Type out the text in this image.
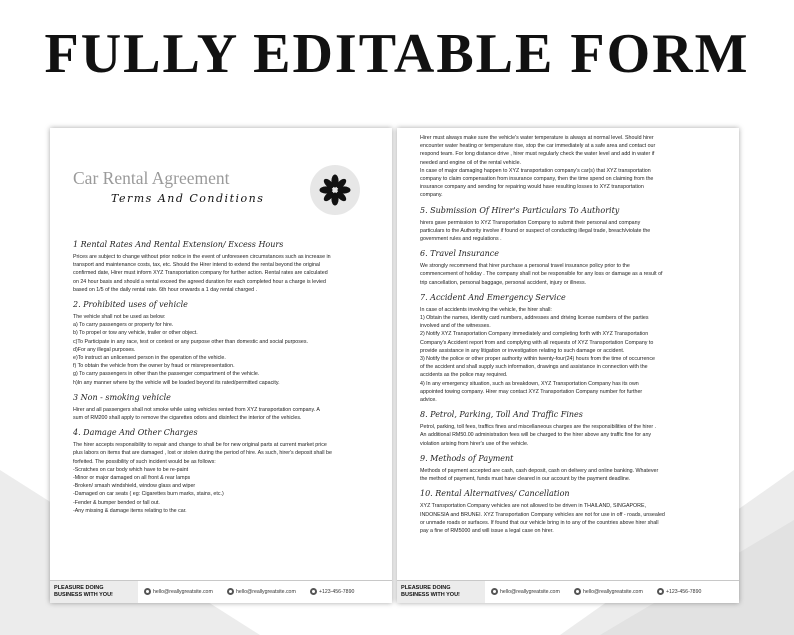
FULLY EDITABLE FORM

Car Rental Agreement

Terms And Conditions

1 Rental Rates And Rental Extension/ Excess Hours

Prices are subject to change without prior notice in the event of unforeseen circumstances such as increase in

transport and maintenance costs, tax, etc. Should the Hirer intend to extend the rental beyond the original

confirmed date, Hirer must inform XYZ Transportation company for further action. Rental rates are calculated

on 24 hour basis and should a rental exceed the agreed duration for each completed hour a charge is levied

based on 1/5 of the daily rental rate. 6th hour onwards a 1 day rental charged .

2. Prohibited uses of vehicle

The vehicle shall not be used as below:

a) To carry passengers or property for hire.

b) To propel or tow any vehicle, trailer or other object.

c)To Participate in any race, test or contest or any purpose other than domestic and social purposes.

d)For any illegal purposes.

e)To instruct an unlicensed person in the operation of the vehicle.

f) To obtain the vehicle from the owner by fraud or misrepresentation.

g) To carry passengers in other than the passenger compartment of the vehicle.

h)In any manner where by the vehicle will be loaded beyond its rated/permitted capacity.

3 Non - smoking vehicle

Hirer and all passengers shall not smoke while using vehicles rented from XYZ transportation company. A

sum of RM200 shall apply to remove the cigarettes odors and disinfect the interior of the vehicles.

4. Damage And Other Charges

The hirer accepts responsibility to repair and change to shall be for new original parts at current market price

plus labors on items that are damaged , lost or stolen during the period of hire. As such, hirer's deposit shall be

forfeited. The possibility of such incident would be as follows:

-Scratches on car body which have to be re-paint

-Minor or major damaged on all front & rear lamps

-Broken/ smash windshield, window glass and wiper

-Damaged on car seats ( eg: Cigarettes burn marks, stains, etc.)

-Fender & bumper bended or fall out.

-Any missing & damage items relating to the car.

PLEASURE DOING
BUSINESS WITH YOU!	hello@reallygreatsite.com	hello@reallygreatsite.com	+123-456-7890

Hirer must always make sure the vehicle's water temperature is always at normal level. Should hirer

encounter water heating or temperature rise, stop the car immediately at a safe area and contact our

respond team. For long distance drive , hirer must regularly check the water level and add in water if

needed and engine oil of the rental vehicle.

In case of major damaging happen to XYZ transportation company's car(s) that XYZ transportation

company to claim compensation from insurance company, then the time spend on claiming from the

insurance company and sending for repairing would have resulting losses to XYZ transportation

company.

5. Submission Of Hirer's Particulars To Authority

hirers gave permission to XYZ Transportation Company to submit their personal and company

particulars to the Authority involve if found or suspect of conducting illegal trade, breach/violate the

government rules and regulations .

6. Travel Insurance

We strongly recommend that hirer purchase a personal travel insurance policy prior to the

commencement of holiday . The company shall not be responsible for any loss or damage as a result of

trip cancellation, personal baggage, personal accident, injury or illness.

7. Accident And Emergency Service

In case of accidents involving the vehicle, the hirer shall:

1) Obtain the names, identity card numbers, addresses and driving license numbers of the parties

involved and of the witnesses.

2) Notify XYZ Transportation Company immediately and completing forth with XYZ Transportation

Company's Accident report from and complying with all requests of XYZ Transportation Company to

provide assistance in any litigation or investigation relating to such damage or accident.

3) Notify the police or other proper authority within twenty-four(24) hours from the time of occurrence

of the accident and shall supply such information, drawings and assistance in connection with the

accidents as the police may required.

4) In any emergency situation, such as breakdown, XYZ Transportation Company has its own

appointed towing company. Hirer may contact XYZ Transportation Company number for further

advice.

8. Petrol, Parking, Toll And Traffic Fines

Petrol, parking, toll fees, traffics fines and miscellaneous charges are the responsibilities of the hirer .

An additional RM50.00 administration fees will be charged to the hirer above any traffic fine for any

violation arising from hirer's use of the vehicle.

9. Methods of Payment

Methods of payment accepted are cash, cash deposit, cash on delivery and online banking. Whatever

the method of payment, funds must have cleared in our account by the payment deadline.

10. Rental Alternatives/ Cancellation

XYZ Transportation Company vehicles are not allowed to be driven in THAILAND, SINGAPORE,

INDONESIA and BRUNEI. XYZ Transportation Company vehicles are not for use in off - roads, unsealed

or unmade roads or surfaces. If found that our vehicle bring in to any of the countries above hirer shall

pay a fine of RM5000 and will issue a legal case on hirer.

PLEASURE DOING
BUSINESS WITH YOU!	hello@reallygreatsite.com	hello@reallygreatsite.com	+123-456-7890
